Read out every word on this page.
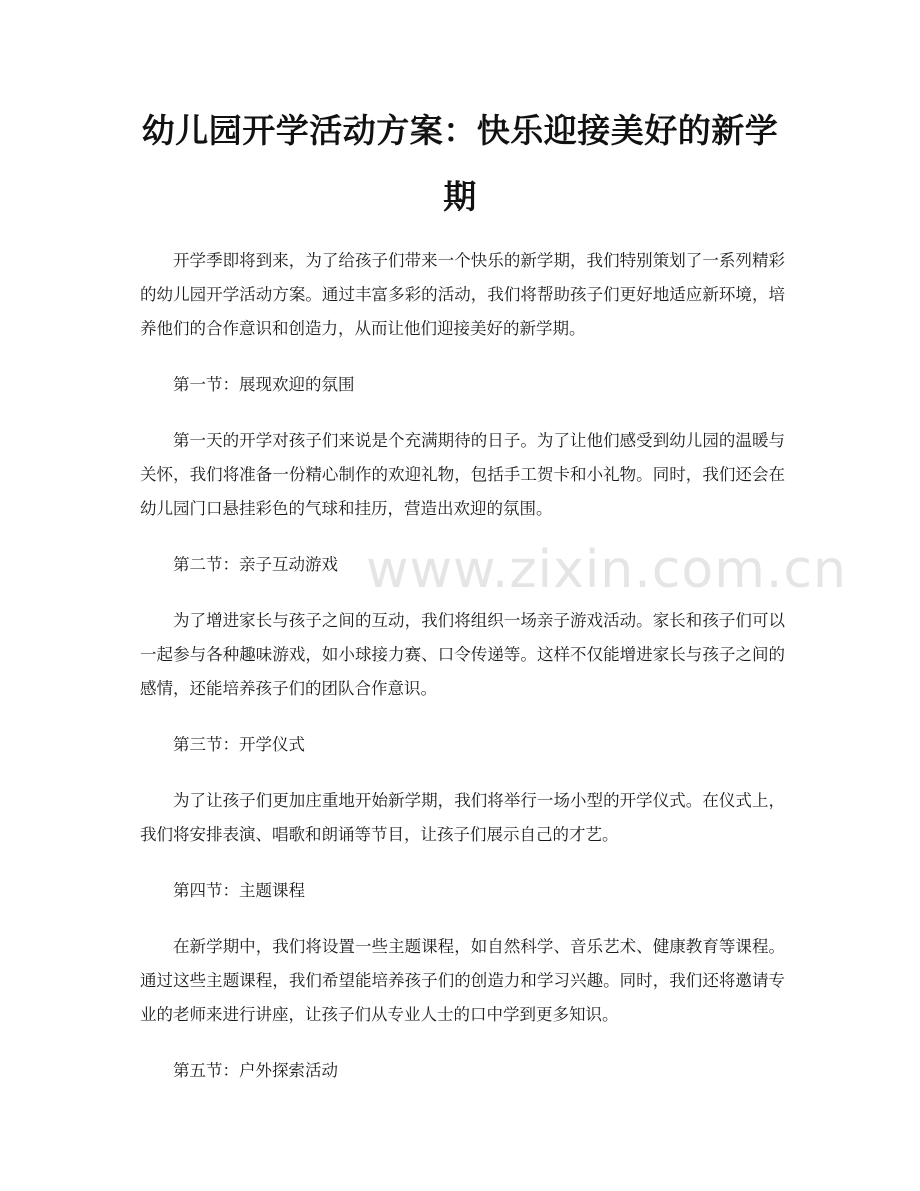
幼儿园开学活动方案：快乐迎接美好的新学期

开学季即将到来，为了给孩子们带来一个快乐的新学期，我们特别策划了一系列精彩的幼儿园开学活动方案。通过丰富多彩的活动，我们将帮助孩子们更好地适应新环境，培养他们的合作意识和创造力，从而让他们迎接美好的新学期。

第一节：展现欢迎的氛围

第一天的开学对孩子们来说是个充满期待的日子。为了让他们感受到幼儿园的温暖与关怀，我们将准备一份精心制作的欢迎礼物，包括手工贺卡和小礼物。同时，我们还会在幼儿园门口悬挂彩色的气球和挂历，营造出欢迎的氛围。

第二节：亲子互动游戏

为了增进家长与孩子之间的互动，我们将组织一场亲子游戏活动。家长和孩子们可以一起参与各种趣味游戏，如小球接力赛、口令传递等。这样不仅能增进家长与孩子之间的感情，还能培养孩子们的团队合作意识。

第三节：开学仪式

为了让孩子们更加庄重地开始新学期，我们将举行一场小型的开学仪式。在仪式上，我们将安排表演、唱歌和朗诵等节目，让孩子们展示自己的才艺。

第四节：主题课程

在新学期中，我们将设置一些主题课程，如自然科学、音乐艺术、健康教育等课程。通过这些主题课程，我们希望能培养孩子们的创造力和学习兴趣。同时，我们还将邀请专业的老师来进行讲座，让孩子们从专业人士的口中学到更多知识。

第五节：户外探索活动

www.zixin.com.cn
